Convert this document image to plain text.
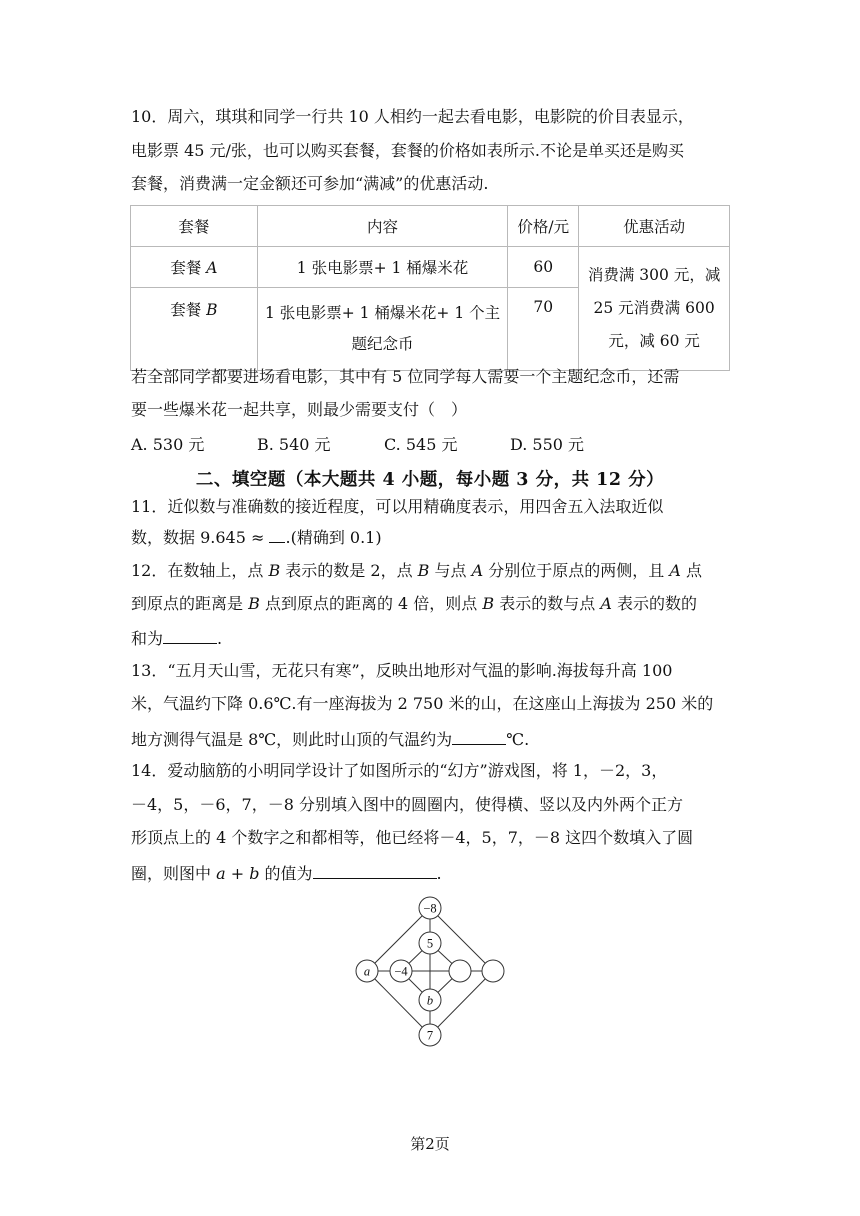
10．周六，琪琪和同学一行共 10 人相约一起去看电影，电影院的价目表显示，
电影票 45 元/张，也可以购买套餐，套餐的价格如表所示.不论是单买还是购买
套餐，消费满一定金额还可参加“满减”的优惠活动.
套餐	内容	价格/元	优惠活动
套餐 A	1 张电影票+ 1 桶爆米花	60	消费满 300 元，减
25 元消费满 600
元，减 60 元

套餐 B	1 张电影票+ 1 桶爆米花+ 1 个主
题纪念币	70	
若全部同学都要进场看电影，其中有 5 位同学每人需要一个主题纪念币，还需
要一些爆米花一起共享，则最少需要支付（　）
A. 530 元	B. 540 元	C. 545 元	D. 550 元
二、填空题（本大题共 4 小题，每小题 3 分，共 12 分）
11．近似数与准确数的接近程度，可以用精确度表示，用四舍五入法取近似
数，数据 9.645 ≈ .(精确到 0.1)
12．在数轴上，点 B 表示的数是 2，点 B 与点 A 分别位于原点的两侧，且 A 点
到原点的距离是 B 点到原点的距离的 4 倍，则点 B 表示的数与点 A 表示的数的
和为	.
13．“五月天山雪，无花只有寒”，反映出地形对气温的影响.海拔每升高 100
米，气温约下降 0.6℃.有一座海拔为 2 750 米的山，在这座山上海拔为 250 米的
地方测得气温是 8℃，则此时山顶的气温约为	℃.
14．爱动脑筋的小明同学设计了如图所示的“幻方”游戏图，将 1，－2，3，
－4，5，－6，7，－8 分别填入图中的圆圈内，使得横、竖以及内外两个正方
形顶点上的 4 个数字之和都相等，他已经将－4，5，7，－8 这四个数填入了圆
圈，则图中 a + b 的值为	.
−8
5
a −4
b
7
第2页
